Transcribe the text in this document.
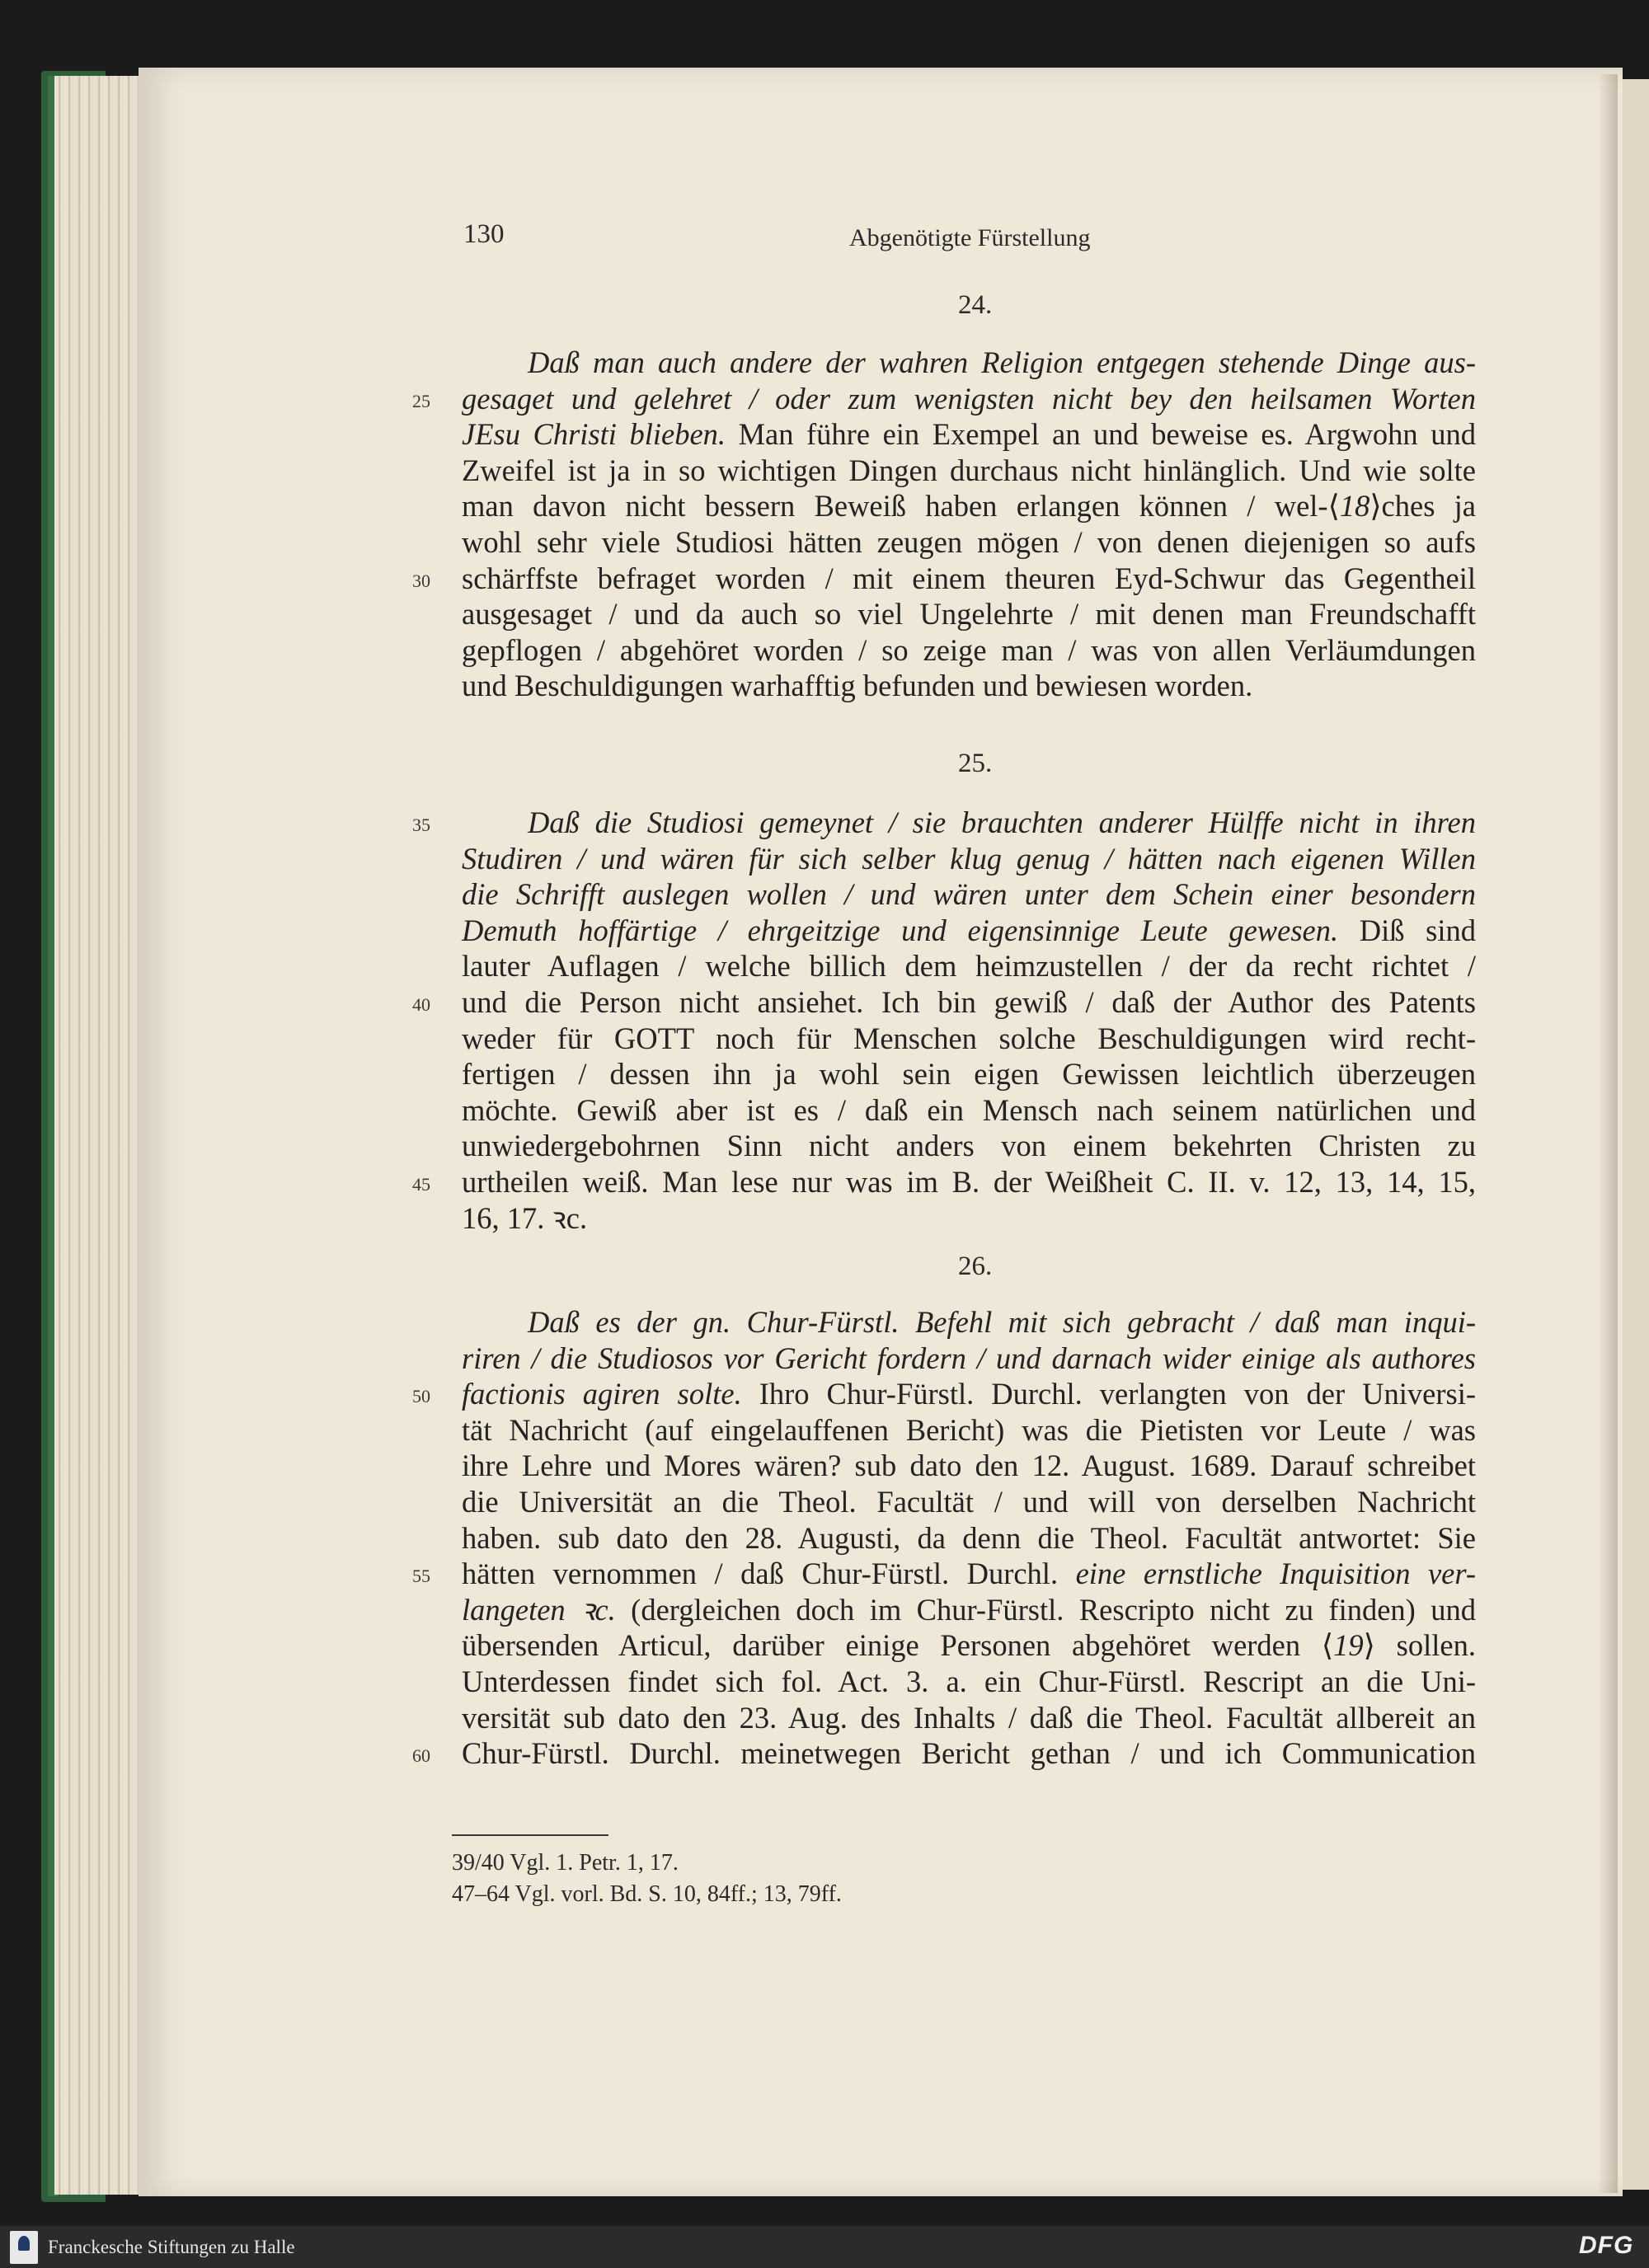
130	Abgenötigte Fürstellung
24.
Daß man auch andere der wahren Religion entgegen stehende Dinge aus-
gesaget und gelehret / oder zum wenigsten nicht bey den heilsamen Worten
25
JEsu Christi blieben. Man führe ein Exempel an und beweise es. Argwohn und
Zweifel ist ja in so wichtigen Dingen durchaus nicht hinlänglich. Und wie solte
man davon nicht bessern Beweiß haben erlangen können / wel-⟨18⟩ches ja
wohl sehr viele Studiosi hätten zeugen mögen / von denen diejenigen so aufs
schärffste befraget worden / mit einem theuren Eyd-Schwur das Gegentheil
30
ausgesaget / und da auch so viel Ungelehrte / mit denen man Freundschafft
gepflogen / abgehöret worden / so zeige man / was von allen Verläumdungen
und Beschuldigungen warhafftig befunden und bewiesen worden.
25.
Daß die Studiosi gemeynet / sie brauchten anderer Hülffe nicht in ihren
35
Studiren / und wären für sich selber klug genug / hätten nach eigenen Willen
die Schrifft auslegen wollen / und wären unter dem Schein einer besondern
Demuth hoffärtige / ehrgeitzige und eigensinnige Leute gewesen. Diß sind
lauter Auflagen / welche billich dem heimzustellen / der da recht richtet /
und die Person nicht ansiehet. Ich bin gewiß / daß der Author des Patents
40
weder für GOTT noch für Menschen solche Beschuldigungen wird recht-
fertigen / dessen ihn ja wohl sein eigen Gewissen leichtlich überzeugen
möchte. Gewiß aber ist es / daß ein Mensch nach seinem natürlichen und
unwiedergebohrnen Sinn nicht anders von einem bekehrten Christen zu
urtheilen weiß. Man lese nur was im B. der Weißheit C. II. v. 12, 13, 14, 15,
45
16, 17. ꝛc.
26.
Daß es der gn. Chur-Fürstl. Befehl mit sich gebracht / daß man inqui-
riren / die Studiosos vor Gericht fordern / und darnach wider einige als authores
factionis agiren solte. Ihro Chur-Fürstl. Durchl. verlangten von der Universi-
50
tät Nachricht (auf eingelauffenen Bericht) was die Pietisten vor Leute / was
ihre Lehre und Mores wären? sub dato den 12. August. 1689. Darauf schreibet
die Universität an die Theol. Facultät / und will von derselben Nachricht
haben. sub dato den 28. Augusti, da denn die Theol. Facultät antwortet: Sie
hätten vernommen / daß Chur-Fürstl. Durchl. eine ernstliche Inquisition ver-
55
langeten ꝛc. (dergleichen doch im Chur-Fürstl. Rescripto nicht zu finden) und
übersenden Articul, darüber einige Personen abgehöret werden ⟨19⟩ sollen.
Unterdessen findet sich fol. Act. 3. a. ein Chur-Fürstl. Rescript an die Uni-
versität sub dato den 23. Aug. des Inhalts / daß die Theol. Facultät allbereit an
Chur-Fürstl. Durchl. meinetwegen Bericht gethan / und ich Communication
60
39/40 Vgl. 1. Petr. 1, 17.
47–64 Vgl. vorl. Bd. S. 10, 84ff.; 13, 79ff.
Franckesche Stiftungen zu Halle	DFG
